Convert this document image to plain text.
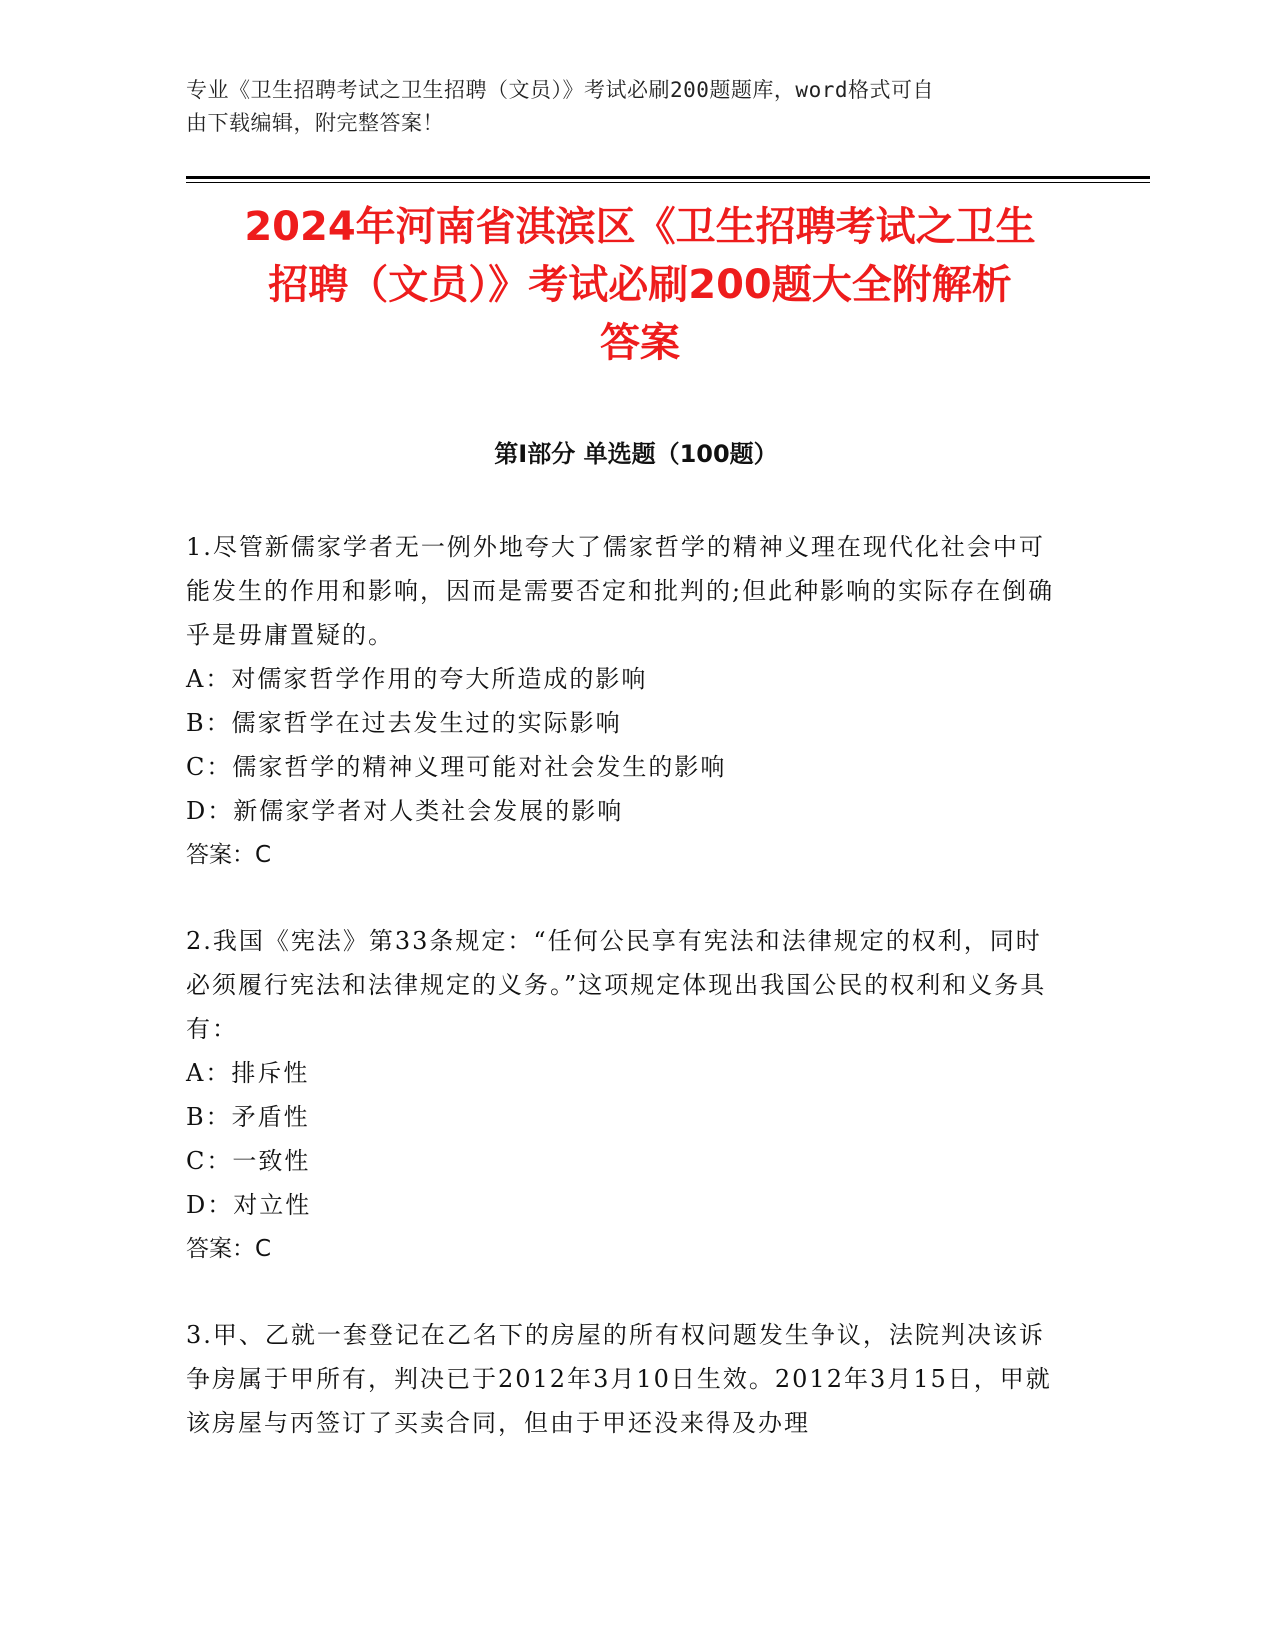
专业《卫生招聘考试之卫生招聘（文员）》考试必刷200题题库，word格式可自
由下载编辑，附完整答案！
2024年河南省淇滨区《卫生招聘考试之卫生
招聘（文员）》考试必刷200题大全附解析
答案
第Ⅰ部分 单选题（100题）

1.尽管新儒家学者无一例外地夸大了儒家哲学的精神义理在现代化社会中可能发生的作用和影响，因而是需要否定和批判的;但此种影响的实际存在倒确乎是毋庸置疑的。

A：对儒家哲学作用的夸大所造成的影响

B：儒家哲学在过去发生过的实际影响

C：儒家哲学的精神义理可能对社会发生的影响

D：新儒家学者对人类社会发展的影响

答案：C

2.我国《宪法》第33条规定：“任何公民享有宪法和法律规定的权利，同时必须履行宪法和法律规定的义务。”这项规定体现出我国公民的权利和义务具有：

A：排斥性

B：矛盾性

C：一致性

D：对立性

答案：C

3.甲、乙就一套登记在乙名下的房屋的所有权问题发生争议，法院判决该诉争房属于甲所有，判决已于2012年3月10日生效。2012年3月15日，甲就该房屋与丙签订了买卖合同，但由于甲还没来得及办理
